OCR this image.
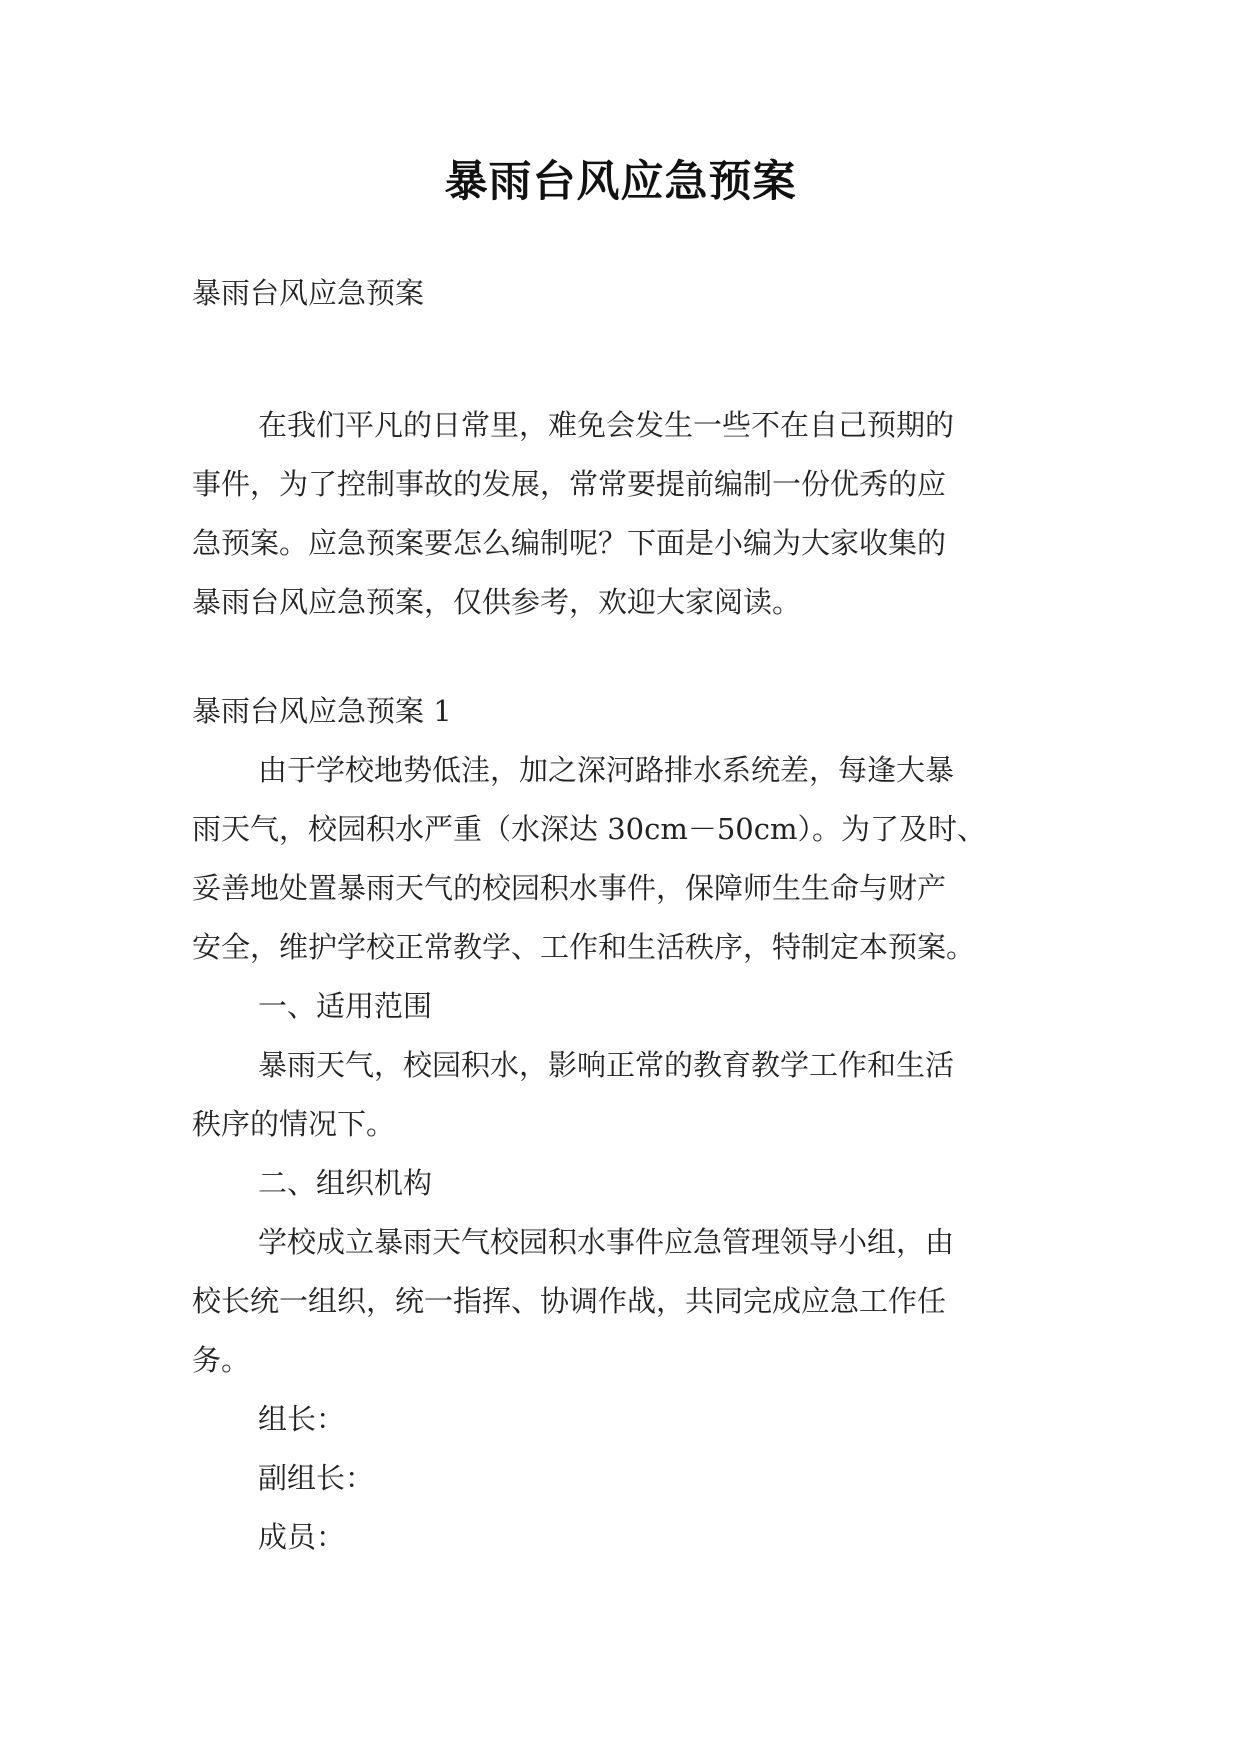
暴雨台风应急预案
暴雨台风应急预案
在我们平凡的日常里，难免会发生一些不在自己预期的
事件，为了控制事故的发展，常常要提前编制一份优秀的应
急预案。应急预案要怎么编制呢？下面是小编为大家收集的
暴雨台风应急预案，仅供参考，欢迎大家阅读。
暴雨台风应急预案 1
由于学校地势低洼，加之深河路排水系统差，每逢大暴
雨天气，校园积水严重（水深达 30cm－50cm）。为了及时、
妥善地处置暴雨天气的校园积水事件，保障师生生命与财产
安全，维护学校正常教学、工作和生活秩序，特制定本预案。
一、适用范围
暴雨天气，校园积水，影响正常的教育教学工作和生活
秩序的情况下。
二、组织机构
学校成立暴雨天气校园积水事件应急管理领导小组，由
校长统一组织，统一指挥、协调作战，共同完成应急工作任
务。
组长：
副组长：
成员：
